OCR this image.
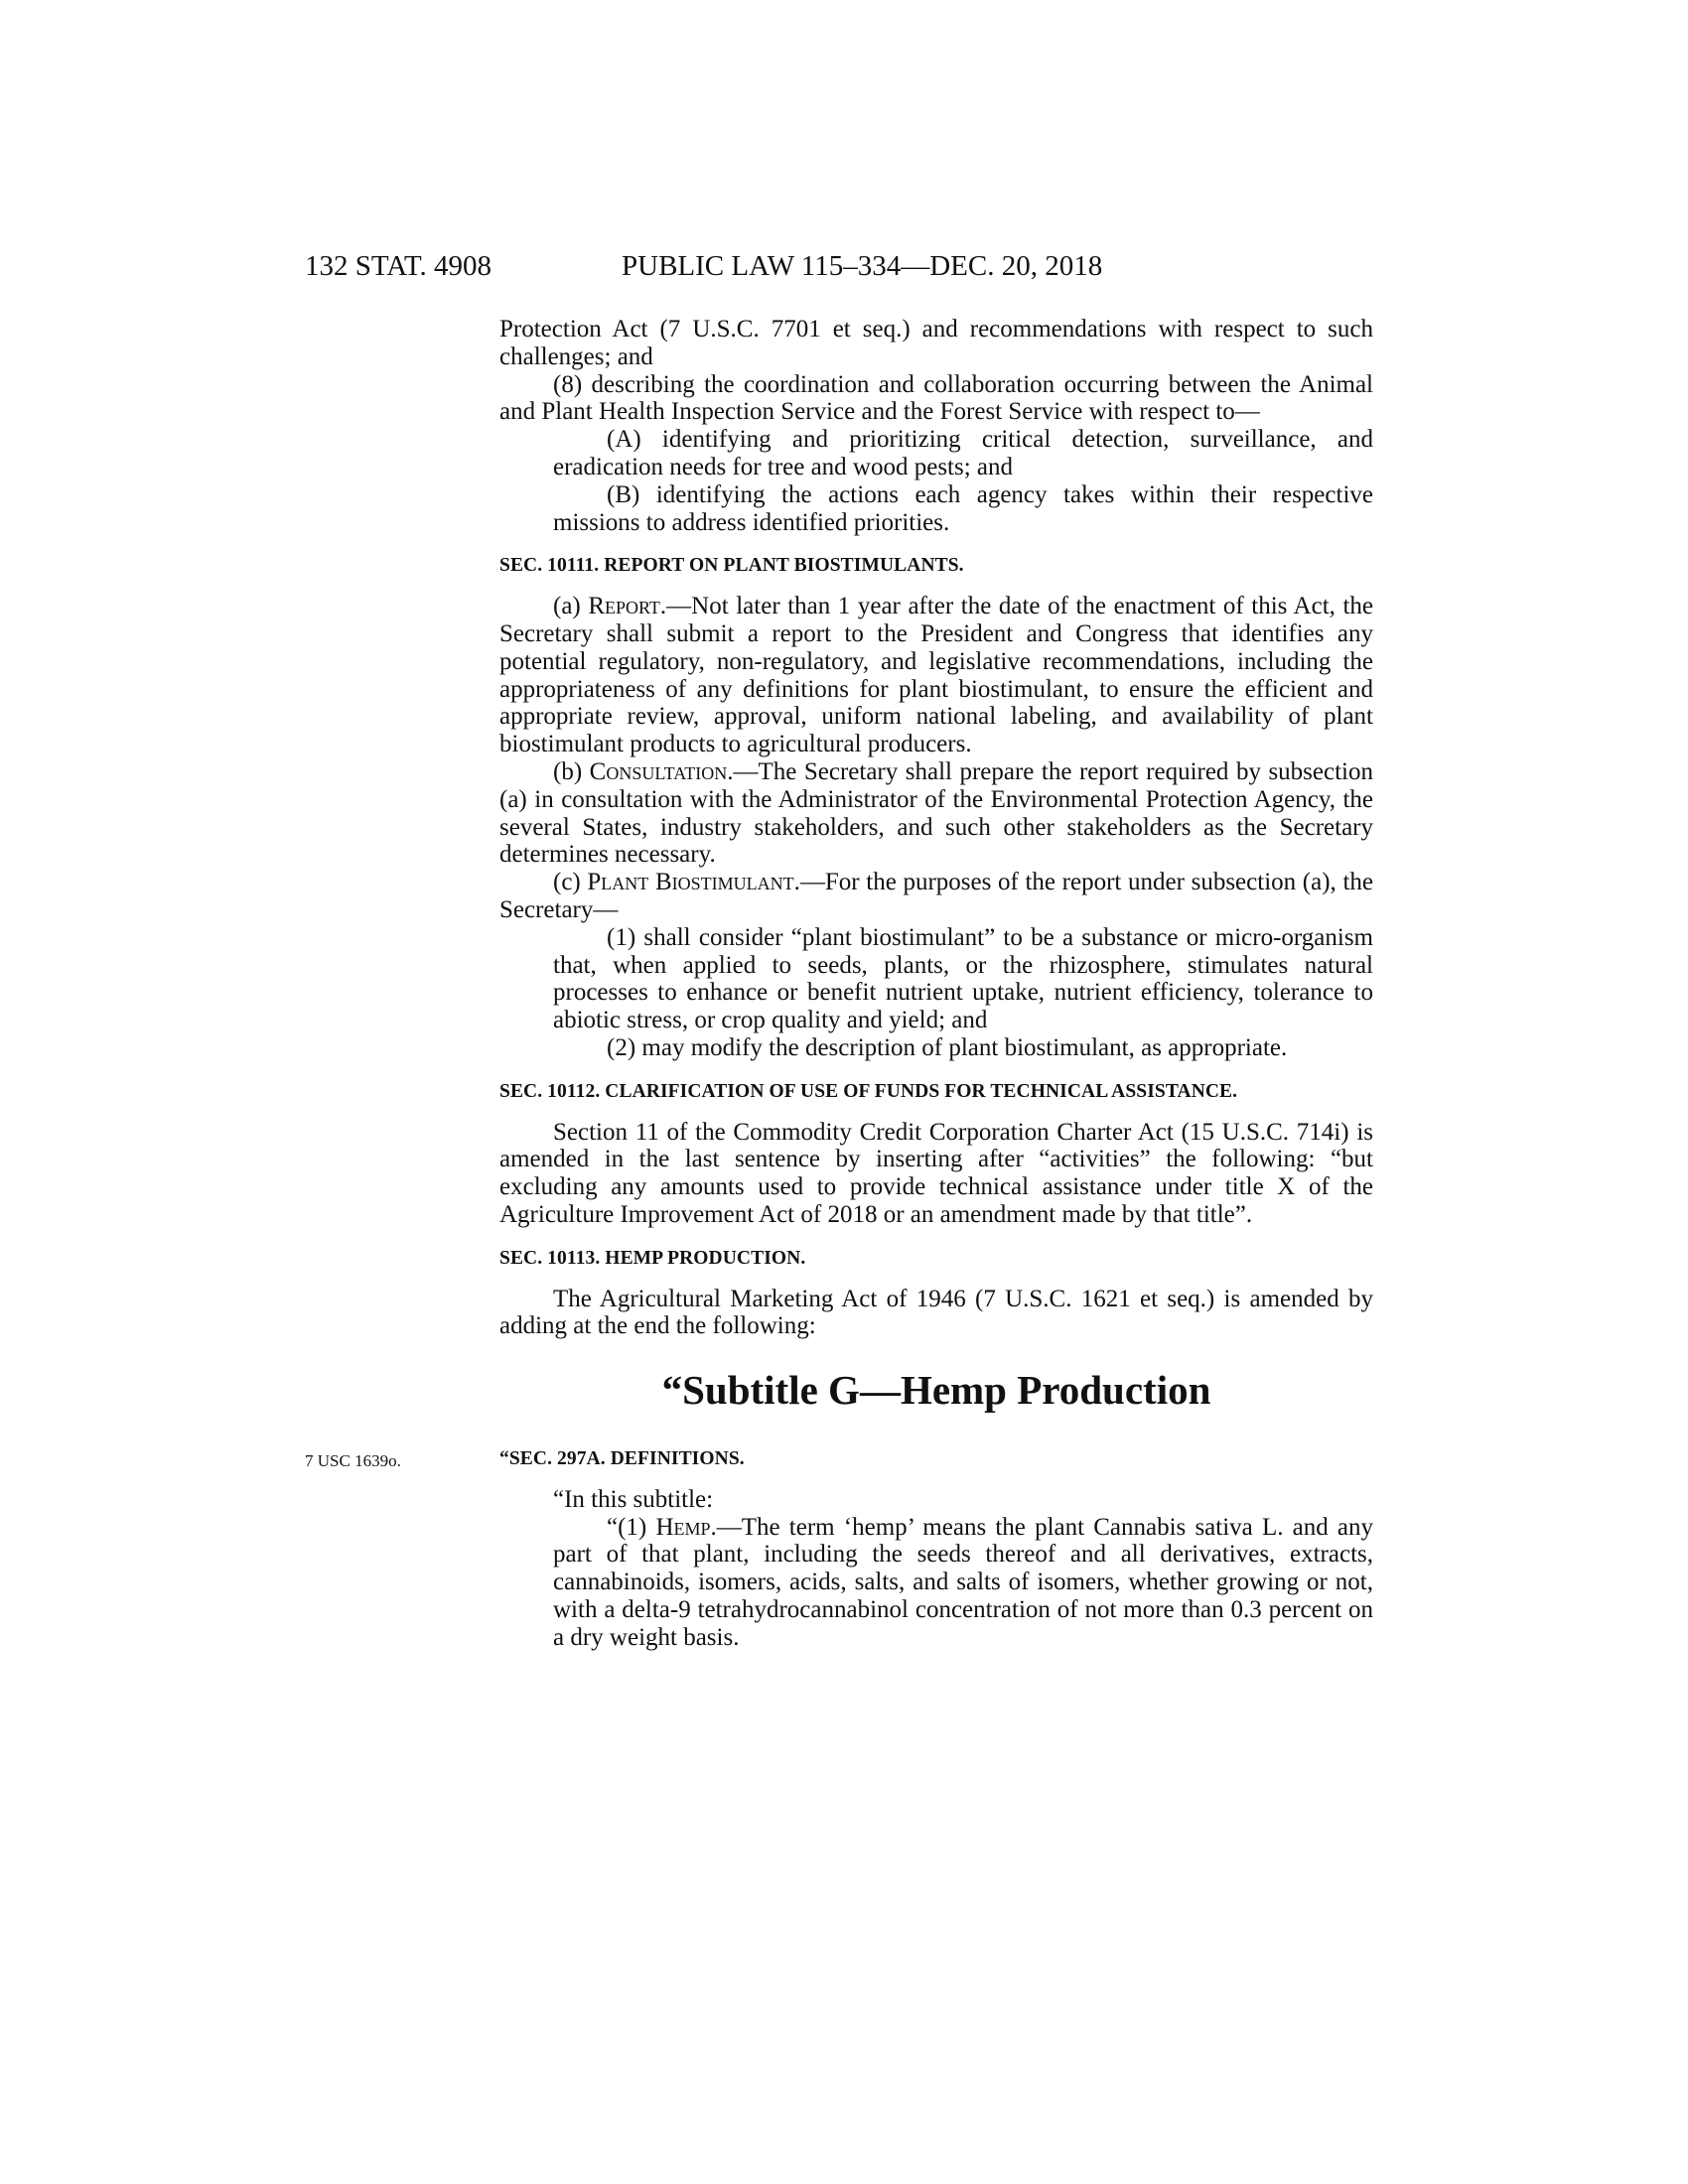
132 STAT. 4908	PUBLIC LAW 115–334—DEC. 20, 2018

Protection Act (7 U.S.C. 7701 et seq.) and recommendations with respect to such challenges; and

(8) describing the coordination and collaboration occurring between the Animal and Plant Health Inspection Service and the Forest Service with respect to—

(A) identifying and prioritizing critical detection, surveillance, and eradication needs for tree and wood pests; and

(B) identifying the actions each agency takes within their respective missions to address identified priorities.

SEC. 10111. REPORT ON PLANT BIOSTIMULANTS.

(a) Report.—Not later than 1 year after the date of the enactment of this Act, the Secretary shall submit a report to the President and Congress that identifies any potential regulatory, non-regulatory, and legislative recommendations, including the appropriateness of any definitions for plant biostimulant, to ensure the efficient and appropriate review, approval, uniform national labeling, and availability of plant biostimulant products to agricultural producers.

(b) Consultation.—The Secretary shall prepare the report required by subsection (a) in consultation with the Administrator of the Environmental Protection Agency, the several States, industry stakeholders, and such other stakeholders as the Secretary determines necessary.

(c) Plant Biostimulant.—For the purposes of the report under subsection (a), the Secretary—

(1) shall consider “plant biostimulant” to be a substance or micro-organism that, when applied to seeds, plants, or the rhizosphere, stimulates natural processes to enhance or benefit nutrient uptake, nutrient efficiency, tolerance to abiotic stress, or crop quality and yield; and

(2) may modify the description of plant biostimulant, as appropriate.

SEC. 10112. CLARIFICATION OF USE OF FUNDS FOR TECHNICAL ASSISTANCE.

Section 11 of the Commodity Credit Corporation Charter Act (15 U.S.C. 714i) is amended in the last sentence by inserting after “activities” the following: “but excluding any amounts used to provide technical assistance under title X of the Agriculture Improvement Act of 2018 or an amendment made by that title”.

SEC. 10113. HEMP PRODUCTION.

The Agricultural Marketing Act of 1946 (7 U.S.C. 1621 et seq.) is amended by adding at the end the following:

“Subtitle G—Hemp Production
7 USC 1639o.	“SEC. 297A. DEFINITIONS.

“In this subtitle:

“(1) Hemp.—The term ‘hemp’ means the plant Cannabis sativa L. and any part of that plant, including the seeds thereof and all derivatives, extracts, cannabinoids, isomers, acids, salts, and salts of isomers, whether growing or not, with a delta-9 tetrahydrocannabinol concentration of not more than 0.3 percent on a dry weight basis.
